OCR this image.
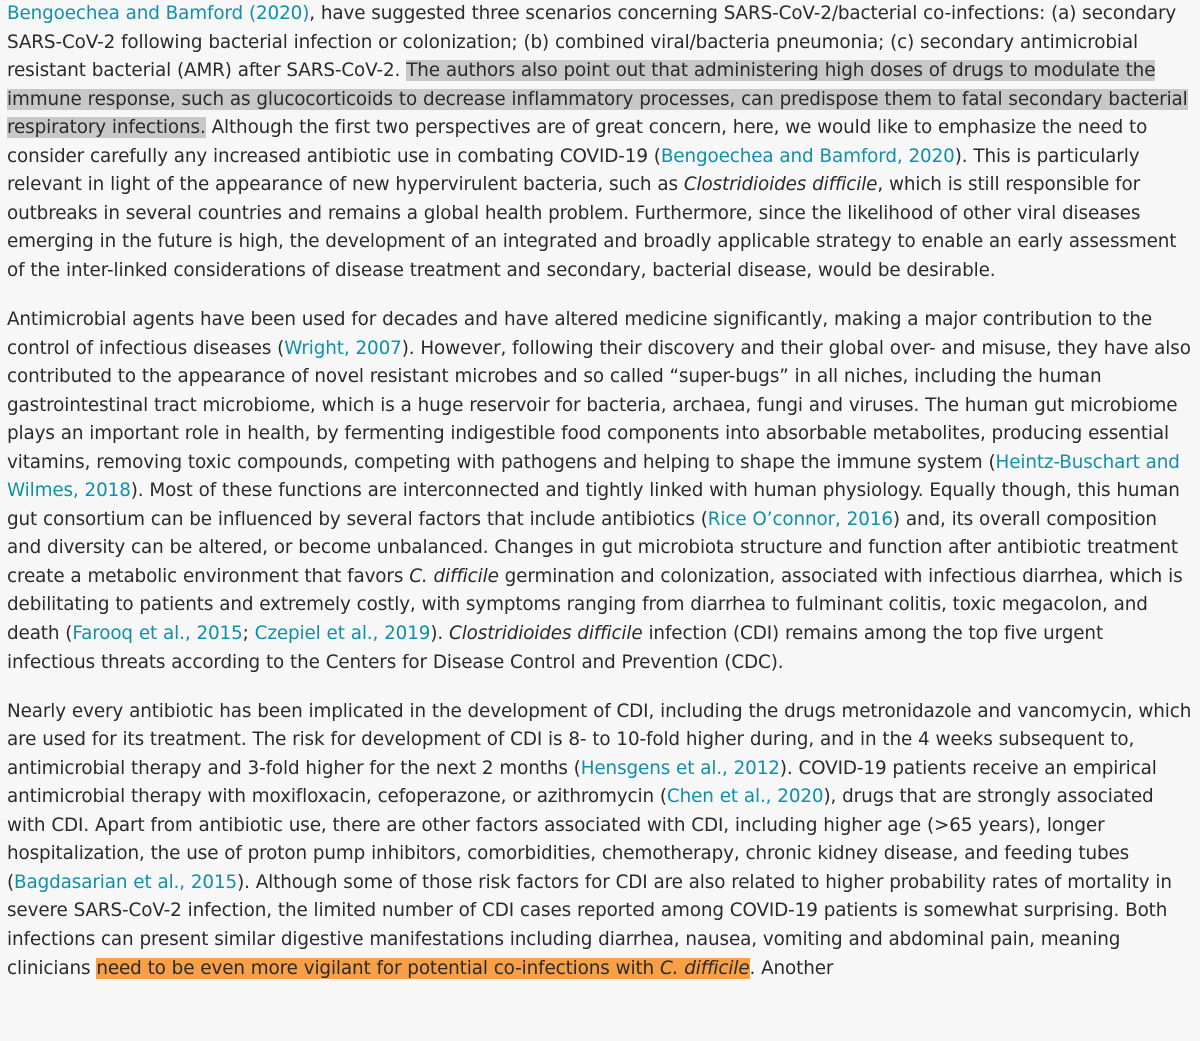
Bengoechea and Bamford (2020), have suggested three scenarios concerning SARS-CoV-2/bacterial co-infections: (a) secondary SARS-CoV-2 following bacterial infection or colonization; (b) combined viral/bacteria pneumonia; (c) secondary antimicrobial resistant bacterial (AMR) after SARS-CoV-2. The authors also point out that administering high doses of drugs to modulate the immune response, such as glucocorticoids to decrease inflammatory processes, can predispose them to fatal secondary bacterial respiratory infections. Although the first two perspectives are of great concern, here, we would like to emphasize the need to consider carefully any increased antibiotic use in combating COVID-19 (Bengoechea and Bamford, 2020). This is particularly relevant in light of the appearance of new hypervirulent bacteria, such as Clostridioides difficile, which is still responsible for outbreaks in several countries and remains a global health problem. Furthermore, since the likelihood of other viral diseases emerging in the future is high, the development of an integrated and broadly applicable strategy to enable an early assessment of the inter-linked considerations of disease treatment and secondary, bacterial disease, would be desirable.

Antimicrobial agents have been used for decades and have altered medicine significantly, making a major contribution to the control of infectious diseases (Wright, 2007). However, following their discovery and their global over- and misuse, they have also contributed to the appearance of novel resistant microbes and so called “super-bugs” in all niches, including the human gastrointestinal tract microbiome, which is a huge reservoir for bacteria, archaea, fungi and viruses. The human gut microbiome plays an important role in health, by fermenting indigestible food components into absorbable metabolites, producing essential vitamins, removing toxic compounds, competing with pathogens and helping to shape the immune system (Heintz-Buschart and Wilmes, 2018). Most of these functions are interconnected and tightly linked with human physiology. Equally though, this human gut consortium can be influenced by several factors that include antibiotics (Rice O’connor, 2016) and, its overall composition and diversity can be altered, or become unbalanced. Changes in gut microbiota structure and function after antibiotic treatment create a metabolic environment that favors C. difficile germination and colonization, associated with infectious diarrhea, which is debilitating to patients and extremely costly, with symptoms ranging from diarrhea to fulminant colitis, toxic megacolon, and death (Farooq et al., 2015; Czepiel et al., 2019). Clostridioides difficile infection (CDI) remains among the top five urgent infectious threats according to the Centers for Disease Control and Prevention (CDC).

Nearly every antibiotic has been implicated in the development of CDI, including the drugs metronidazole and vancomycin, which are used for its treatment. The risk for development of CDI is 8- to 10-fold higher during, and in the 4 weeks subsequent to, antimicrobial therapy and 3-fold higher for the next 2 months (Hensgens et al., 2012). COVID-19 patients receive an empirical antimicrobial therapy with moxifloxacin, cefoperazone, or azithromycin (Chen et al., 2020), drugs that are strongly associated with CDI. Apart from antibiotic use, there are other factors associated with CDI, including higher age (>65 years), longer hospitalization, the use of proton pump inhibitors, comorbidities, chemotherapy, chronic kidney disease, and feeding tubes (Bagdasarian et al., 2015). Although some of those risk factors for CDI are also related to higher probability rates of mortality in severe SARS-CoV-2 infection, the limited number of CDI cases reported among COVID-19 patients is somewhat surprising. Both infections can present similar digestive manifestations including diarrhea, nausea, vomiting and abdominal pain, meaning clinicians need to be even more vigilant for potential co-infections with C. difficile. Another
